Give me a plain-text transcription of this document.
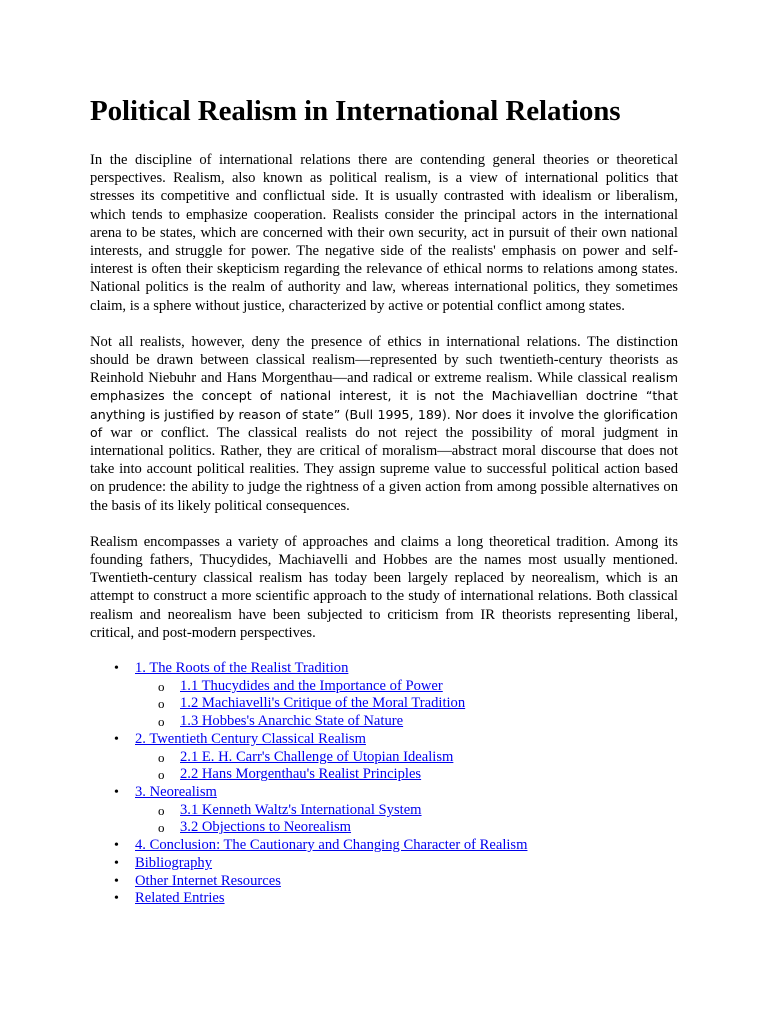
Political Realism in International Relations

In the discipline of international relations there are contending general theories or theoretical perspectives. Realism, also known as political realism, is a view of international politics that stresses its competitive and conflictual side. It is usually contrasted with idealism or liberalism, which tends to emphasize cooperation. Realists consider the principal actors in the international arena to be states, which are concerned with their own security, act in pursuit of their own national interests, and struggle for power. The negative side of the realists' emphasis on power and self-interest is often their skepticism regarding the relevance of ethical norms to relations among states. National politics is the realm of authority and law, whereas international politics, they sometimes claim, is a sphere without justice, characterized by active or potential conflict among states.

Not all realists, however, deny the presence of ethics in international relations. The distinction should be drawn between classical realism—represented by such twentieth-century theorists as Reinhold Niebuhr and Hans Morgenthau—and radical or extreme realism. While classical realism emphasizes the concept of national interest, it is not the Machiavellian doctrine “that anything is justified by reason of state” (Bull 1995, 189). Nor does it involve the glorification of war or conflict. The classical realists do not reject the possibility of moral judgment in international politics. Rather, they are critical of moralism—abstract moral discourse that does not take into account political realities. They assign supreme value to successful political action based on prudence: the ability to judge the rightness of a given action from among possible alternatives on the basis of its likely political consequences.

Realism encompasses a variety of approaches and claims a long theoretical tradition. Among its founding fathers, Thucydides, Machiavelli and Hobbes are the names most usually mentioned. Twentieth-century classical realism has today been largely replaced by neorealism, which is an attempt to construct a more scientific approach to the study of international relations. Both classical realism and neorealism have been subjected to criticism from IR theorists representing liberal, critical, and post-modern perspectives.

• 1. The Roots of the Realist Tradition
o 1.1 Thucydides and the Importance of Power
o 1.2 Machiavelli's Critique of the Moral Tradition
o 1.3 Hobbes's Anarchic State of Nature
• 2. Twentieth Century Classical Realism
o 2.1 E. H. Carr's Challenge of Utopian Idealism
o 2.2 Hans Morgenthau's Realist Principles
• 3. Neorealism
o 3.1 Kenneth Waltz's International System
o 3.2 Objections to Neorealism
• 4. Conclusion: The Cautionary and Changing Character of Realism
• Bibliography
• Other Internet Resources
• Related Entries
